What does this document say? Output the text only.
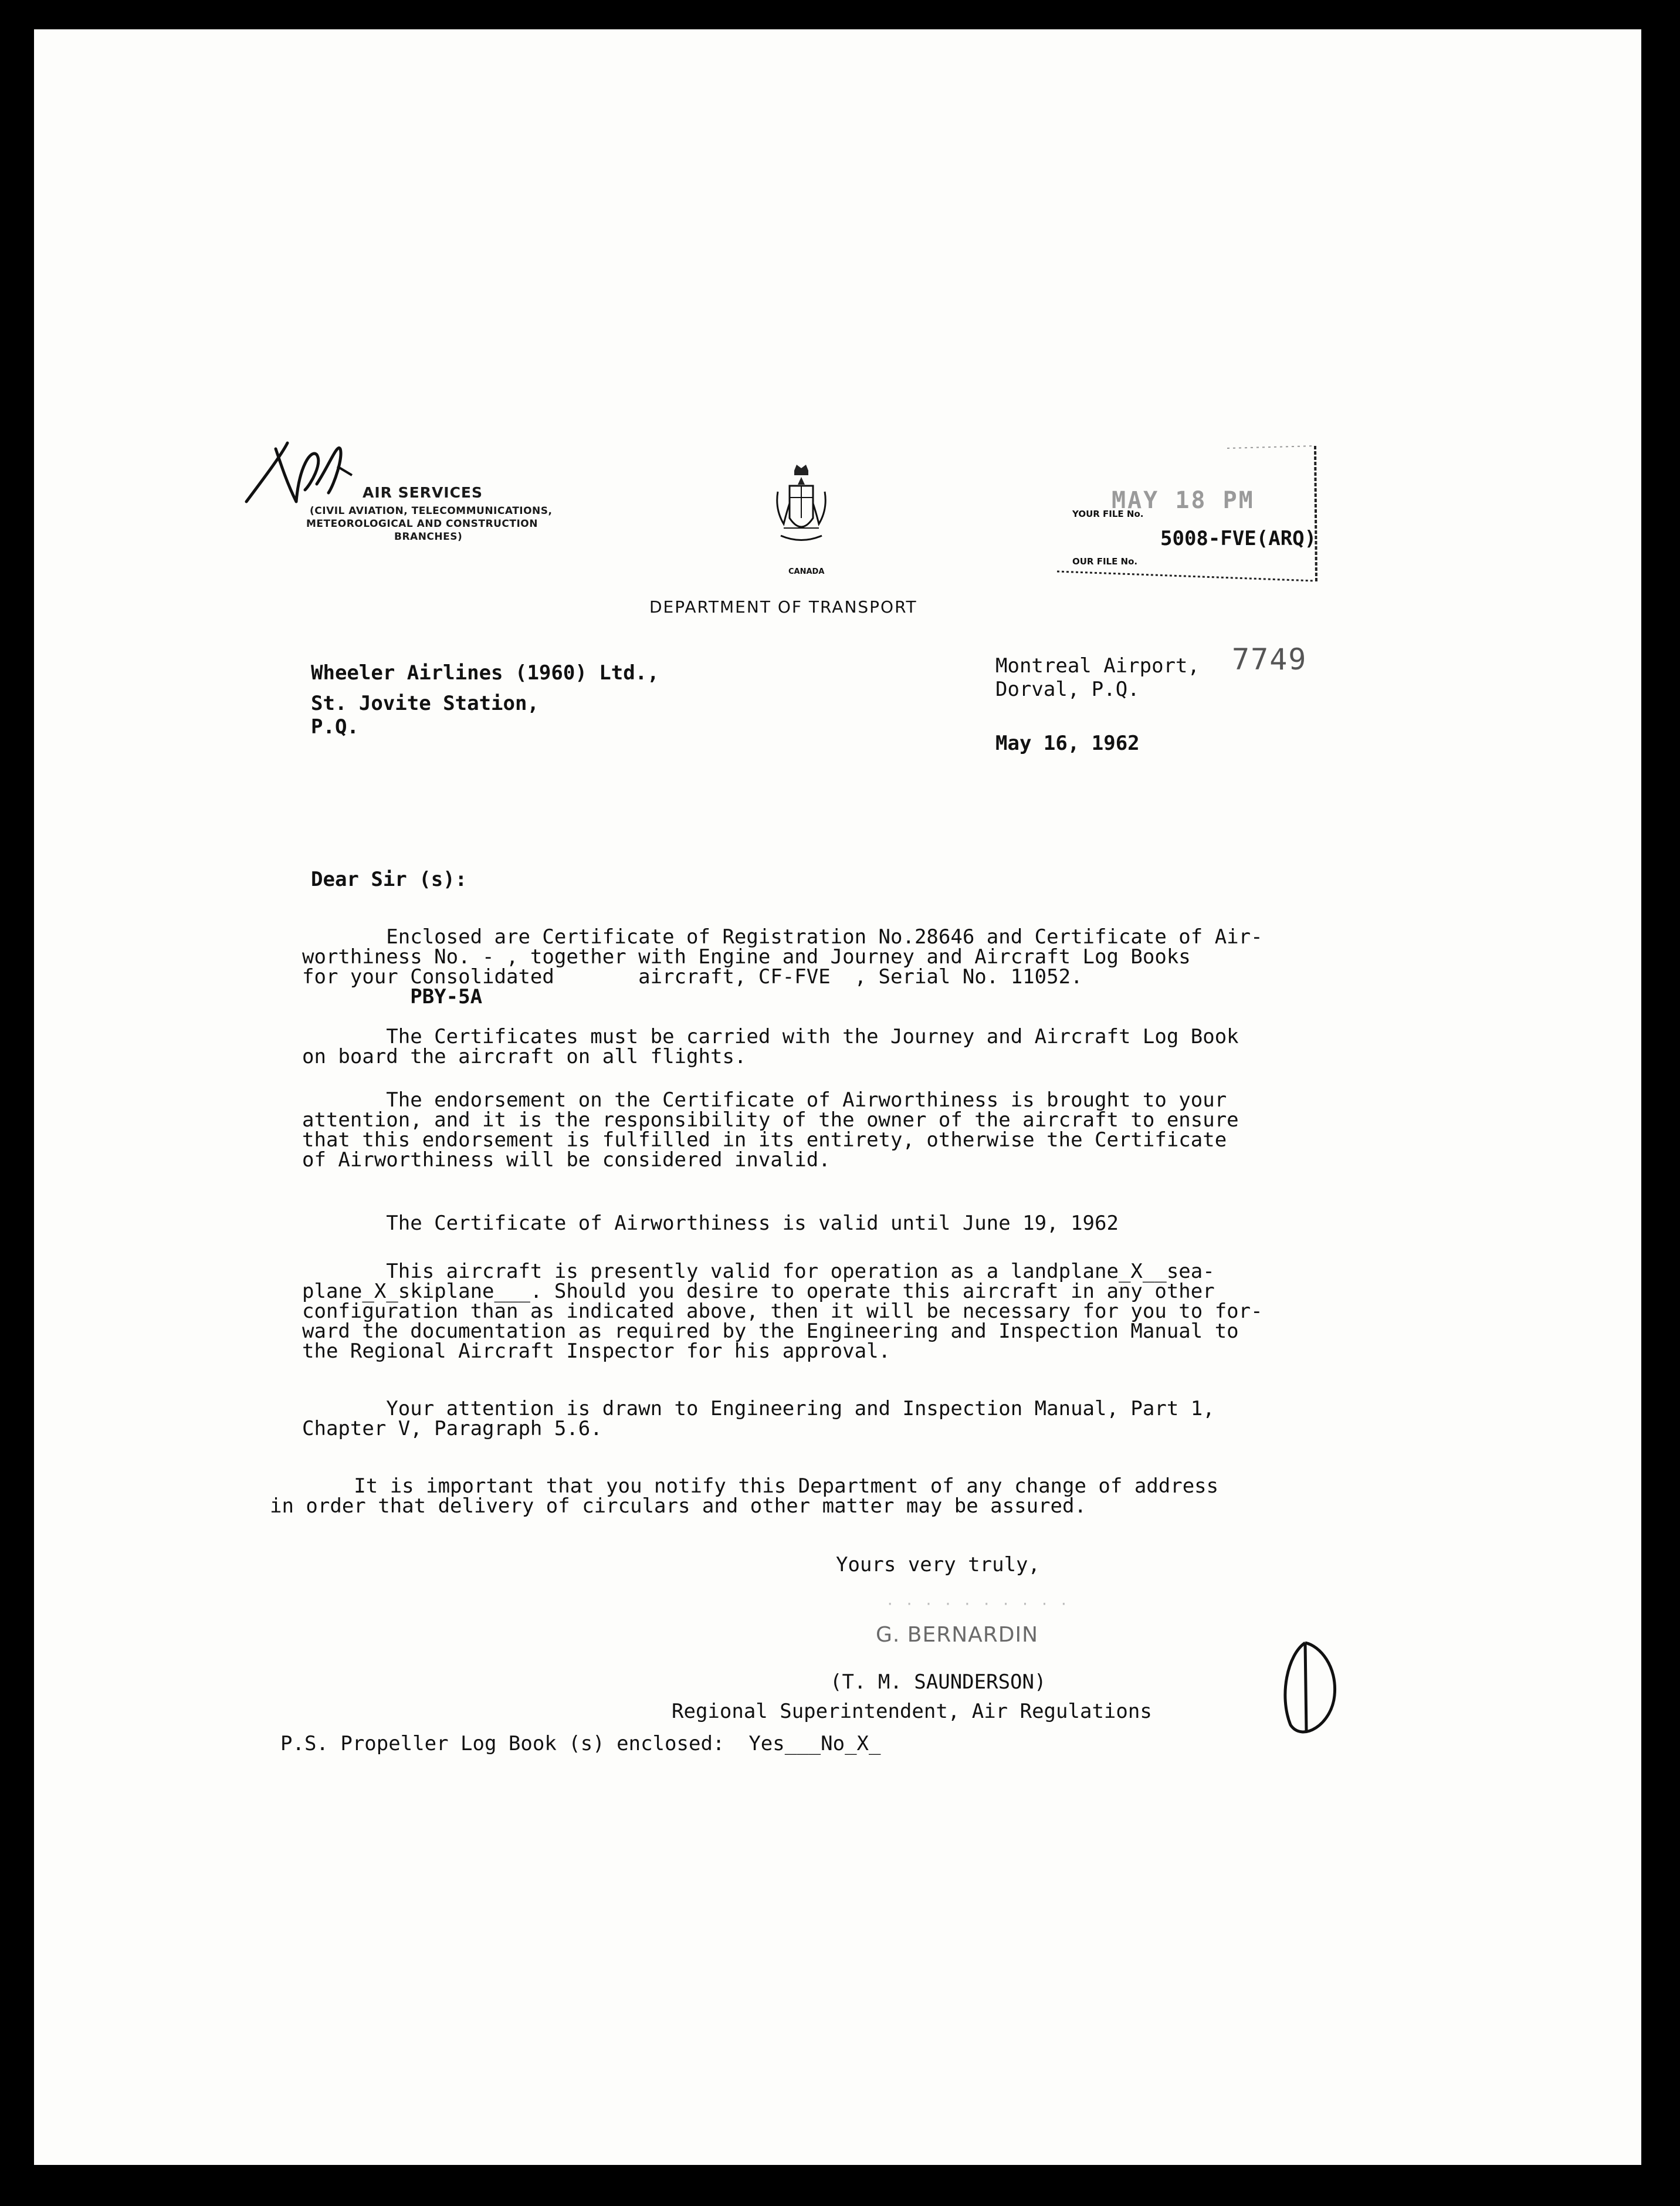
AIR SERVICES
(CIVIL AVIATION, TELECOMMUNICATIONS,
METEOROLOGICAL AND CONSTRUCTION
BRANCHES)
CANADA
DEPARTMENT OF TRANSPORT
YOUR FILE No.
MAY 18 PM
OUR FILE No.
5008-FVE(ARQ)
7749
Wheeler Airlines (1960) Ltd.,
St. Jovite Station,
P.Q.
Montreal Airport,
Dorval, P.Q.
May 16, 1962
Dear Sir (s):
Enclosed are Certificate of Registration No.28646 and Certificate of Air-
worthiness No. - , together with Engine and Journey and Aircraft Log Books
for your Consolidated       aircraft, CF-FVE  , Serial No. 11052.
PBY-5A
The Certificates must be carried with the Journey and Aircraft Log Book
on board the aircraft on all flights.
The endorsement on the Certificate of Airworthiness is brought to your
attention, and it is the responsibility of the owner of the aircraft to ensure
that this endorsement is fulfilled in its entirety, otherwise the Certificate
of Airworthiness will be considered invalid.
The Certificate of Airworthiness is valid until June 19, 1962
This aircraft is presently valid for operation as a landplane_X__sea-
plane_X_skiplane___. Should you desire to operate this aircraft in any other
configuration than as indicated above, then it will be necessary for you to for-
ward the documentation as required by the Engineering and Inspection Manual to
the Regional Aircraft Inspector for his approval.
Your attention is drawn to Engineering and Inspection Manual, Part 1,
Chapter V, Paragraph 5.6.
It is important that you notify this Department of any change of address
in order that delivery of circulars and other matter may be assured.
Yours very truly,
· · · · · · · · · ·
G. BERNARDIN
(T. M. SAUNDERSON)
Regional Superintendent, Air Regulations
P.S. Propeller Log Book (s) enclosed:  Yes___No_X_
